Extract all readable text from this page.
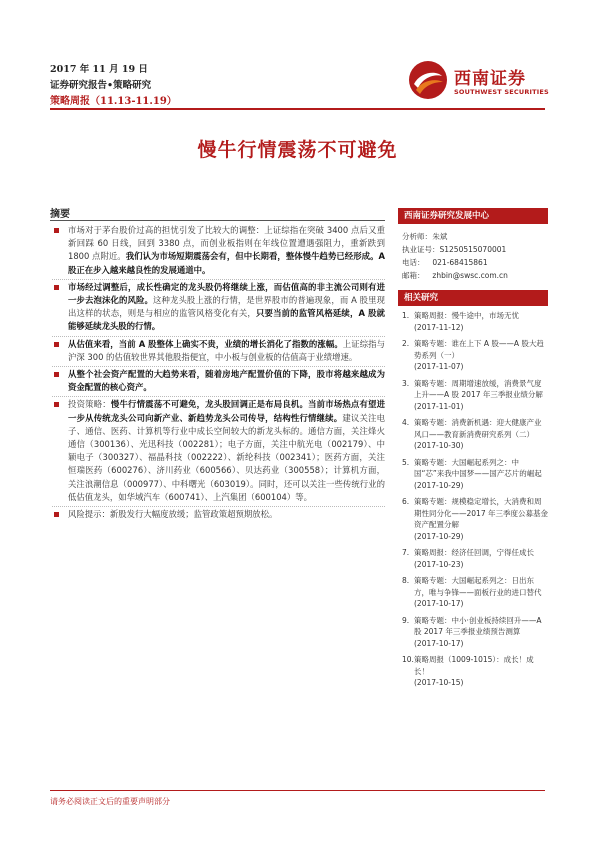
2017 年 11 月 19 日
证券研究报告•策略研究
策略周报（11.13-11.19）
西南证券
SOUTHWEST SECURITIES
慢牛行情震荡不可避免
摘要
市场对于茅台股价过高的担忧引发了比较大的调整：上证综指在突破 3400 点后又重新回踩 60 日线，回到 3380 点，而创业板指则在年线位置遭遇强阻力，重新跌到 1800 点附近。我们认为市场短期震荡会有，但中长期看，整体慢牛趋势已经形成。A 股正在步入越来越良性的发展通道中。
市场经过调整后，成长性确定的龙头股仍将继续上涨，而估值高的非主流公司则有进一步去泡沫化的风险。这种龙头股上涨的行情，是世界股市的普遍现象，而 A 股里现出这样的状态，则是与相应的监管风格变化有关，只要当前的监管风格延续，A 股就能够延续龙头股的行情。
从估值来看，当前 A 股整体上确实不贵，业绩的增长消化了指数的涨幅。上证综指与沪深 300 的估值较世界其他股指便宜，中小板与创业板的估值高于业绩增速。
从整个社会资产配置的大趋势来看，随着房地产配置价值的下降，股市将越来越成为资金配置的核心资产。
投资策略：慢牛行情震荡不可避免，龙头股回调正是布局良机。当前市场热点有望进一步从传统龙头公司向新产业、新趋势龙头公司传导，结构性行情继续。建议关注电子、通信、医药、计算机等行业中成长空间较大的新龙头标的。通信方面，关注烽火通信（300136）、光迅科技（002281）；电子方面，关注中航光电（002179）、中颖电子（300327）、福晶科技（002222）、新纶科技（002341）；医药方面，关注恒瑞医药（600276）、济川药业（600566）、贝达药业（300558）；计算机方面，关注浪潮信息（000977）、中科曙光（603019）。同时，还可以关注一些传统行业的低估值龙头，如华域汽车（600741）、上汽集团（600104）等。
风险提示：新股发行大幅度放缓；监管政策超预期放松。
西南证券研究发展中心
分析师： 朱斌
执业证号：S1250515070001
电话： 021-68415861
邮箱： zhbin@swsc.com.cn
相关研究
1. 策略周报：慢牛途中，市场无忧
(2017-11-12)
2. 策略专题：谁在上下 A 股——A 股大趋势系列（一）
(2017-11-07)
3. 策略专题：周期增速放缓，消费景气度上升——A 股 2017 年三季报业绩分解
(2017-11-01)
4. 策略专题：消费新机遇：迎大健康产业风口——教育新消费研究系列（二）
(2017-10-30)
5. 策略专题：大国崛起系列之：中国“芯”来我中国梦——国产芯片的崛起
(2017-10-29)
6. 策略专题：规模稳定增长，大消费和周期性同分化——2017 年三季度公募基金资产配置分解
(2017-10-29)
7. 策略周报：经济任回调，宁得任成长
(2017-10-23)
8. 策略专题：大国崛起系列之：日出东方，唯与争锋——面板行业的进口替代
(2017-10-17)
9. 策略专题：中小·创业板持续回升——A 股 2017 年三季报业绩预告测算
(2017-10-17)
10. 策略周报（1009-1015）：成长！成长！
(2017-10-15)
请务必阅读正文后的重要声明部分
